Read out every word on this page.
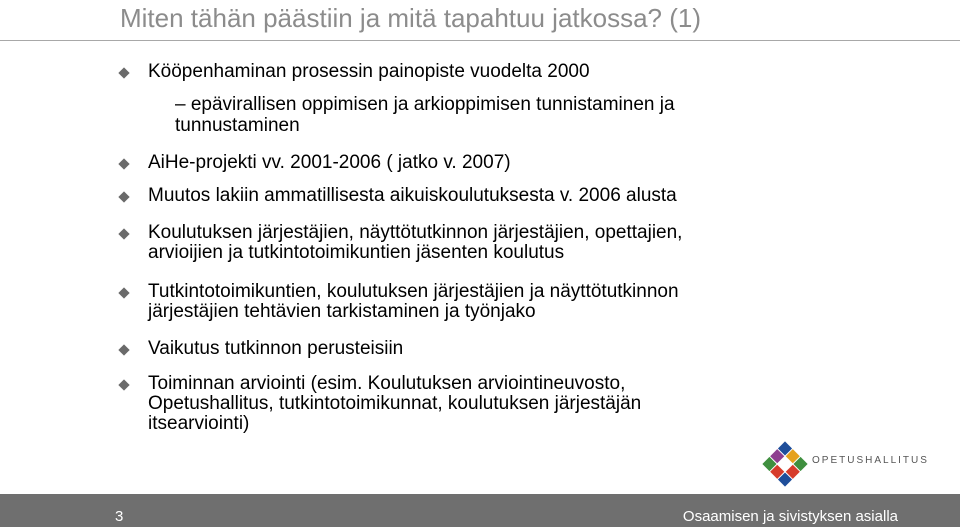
Miten tähän päästiin ja mitä tapahtuu jatkossa? (1)
Kööpenhaminan prosessin painopiste vuodelta 2000
– epävirallisen oppimisen ja arkioppimisen tunnistaminen ja
tunnustaminen
AiHe-projekti vv. 2001-2006 ( jatko v. 2007)
Muutos lakiin ammatillisesta aikuiskoulutuksesta v. 2006 alusta
Koulutuksen järjestäjien, näyttötutkinnon järjestäjien, opettajien,
arvioijien ja tutkintotoimikuntien jäsenten koulutus
Tutkintotoimikuntien, koulutuksen järjestäjien ja näyttötutkinnon
järjestäjien tehtävien tarkistaminen ja työnjako
Vaikutus tutkinnon perusteisiin
Toiminnan arviointi (esim. Koulutuksen arviointineuvosto,
Opetushallitus, tutkintotoimikunnat, koulutuksen järjestäjän
itsearviointi)
OPETUSHALLITUS
3	Osaamisen ja sivistyksen asialla
